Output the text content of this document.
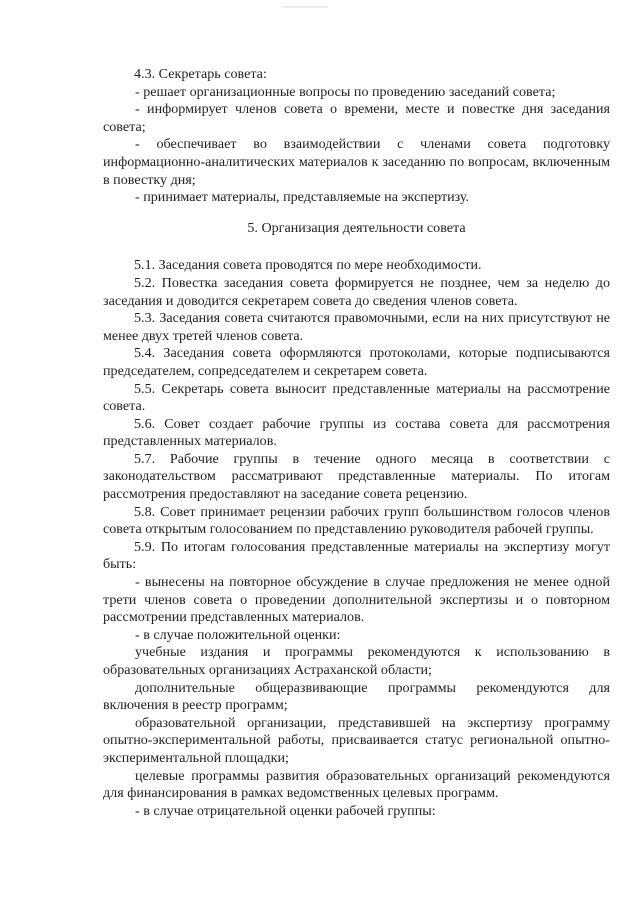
4.3. Секретарь совета:

- решает организационные вопросы по проведению заседаний совета;

- информирует членов совета о времени, месте и повестке дня заседания совета;

- обеспечивает во взаимодействии с членами совета подготовку информационно-аналитических материалов к заседанию по вопросам, включенным в повестку дня;

- принимает материалы, представляемые на экспертизу.

5. Организация деятельности совета

5.1. Заседания совета проводятся по мере необходимости.

5.2. Повестка заседания совета формируется не позднее, чем за неделю до заседания и доводится секретарем совета до сведения членов совета.

5.3. Заседания совета считаются правомочными, если на них присутствуют не менее двух третей членов совета.

5.4. Заседания совета оформляются протоколами, которые подписываются председателем, сопредседателем и секретарем совета.

5.5. Секретарь совета выносит представленные материалы на рассмотрение совета.

5.6. Совет создает рабочие группы из состава совета для рассмотрения представленных материалов.

5.7. Рабочие группы в течение одного месяца в соответствии с законодательством рассматривают представленные материалы. По итогам рассмотрения предоставляют на заседание совета рецензию.

5.8. Совет принимает рецензии рабочих групп большинством голосов членов совета открытым голосованием по представлению руководителя рабочей группы.

5.9. По итогам голосования представленные материалы на экспертизу могут быть:

- вынесены на повторное обсуждение в случае предложения не менее одной трети членов совета о проведении дополнительной экспертизы и о повторном рассмотрении представленных материалов.

- в случае положительной оценки:

учебные издания и программы рекомендуются к использованию в образовательных организациях Астраханской области;

дополнительные общеразвивающие программы рекомендуются для включения в реестр программ;

образовательной организации, представившей на экспертизу программу опытно-экспериментальной работы, присваивается статус региональной опытно-экспериментальной площадки;

целевые программы развития образовательных организаций рекомендуются для финансирования в рамках ведомственных целевых программ.

- в случае отрицательной оценки рабочей группы:
